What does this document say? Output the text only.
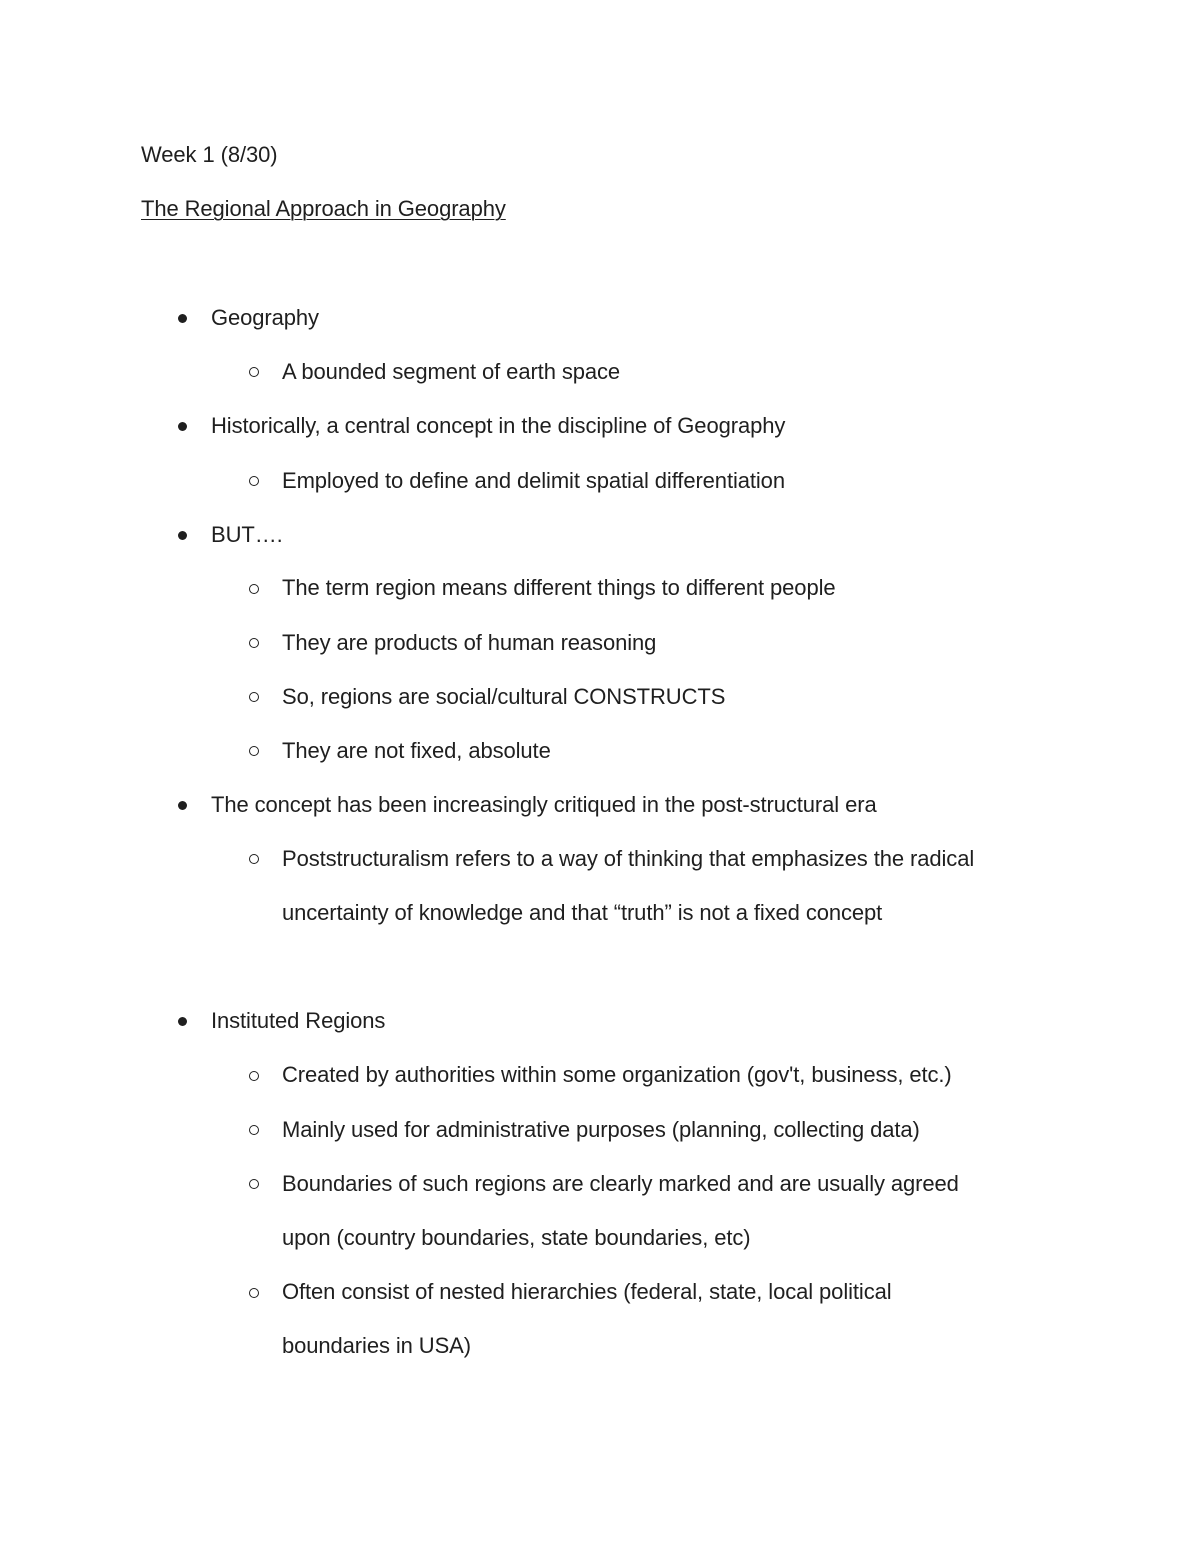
Week 1 (8/30)
The Regional Approach in Geography
Geography
A bounded segment of earth space
Historically, a central concept in the discipline of Geography
Employed to define and delimit spatial differentiation
BUT….
The term region means different things to different people
They are products of human reasoning
So, regions are social/cultural CONSTRUCTS
They are not fixed, absolute
The concept has been increasingly critiqued in the post-structural era
Poststructuralism refers to a way of thinking that emphasizes the radical
uncertainty of knowledge and that “truth” is not a fixed concept
Instituted Regions
Created by authorities within some organization (gov't, business, etc.)
Mainly used for administrative purposes (planning, collecting data)
Boundaries of such regions are clearly marked and are usually agreed
upon (country boundaries, state boundaries, etc)
Often consist of nested hierarchies (federal, state, local political
boundaries in USA)
